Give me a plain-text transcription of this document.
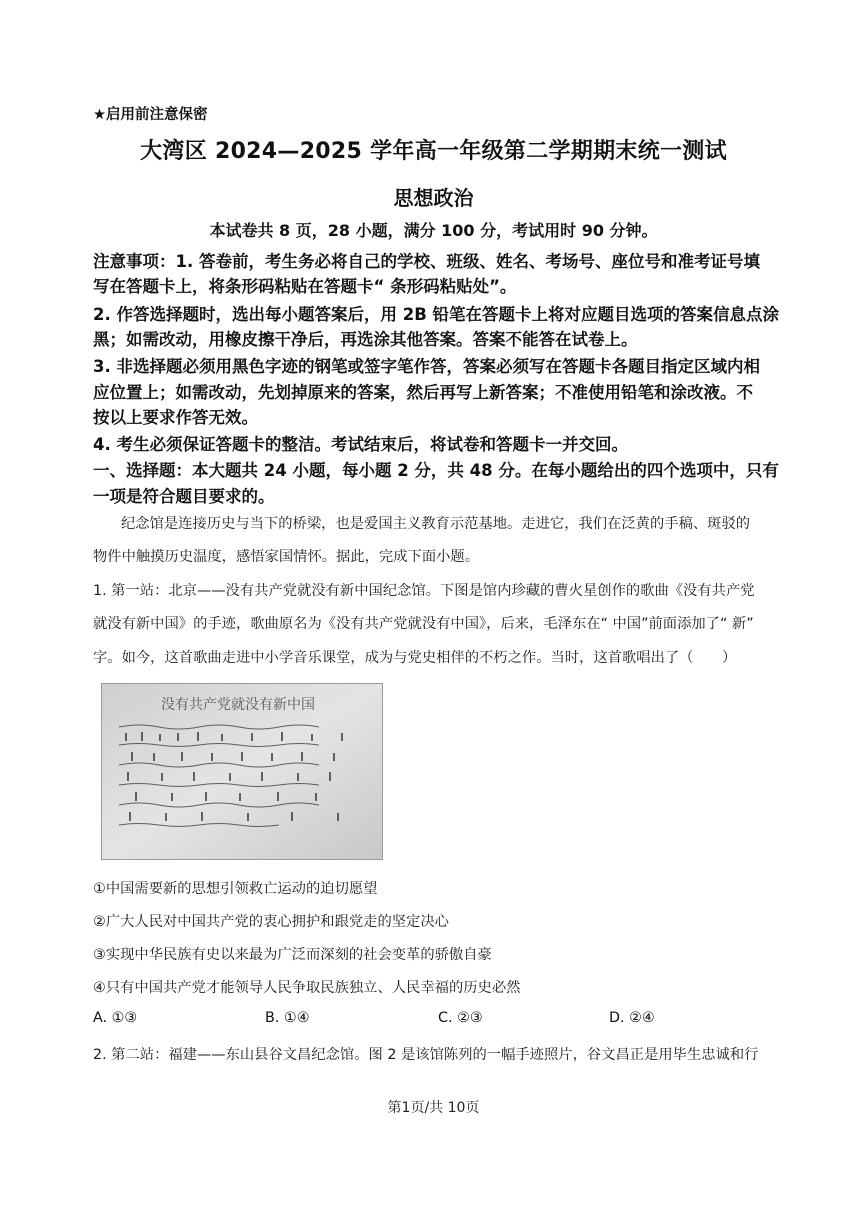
★启用前注意保密
大湾区 2024—2025 学年高一年级第二学期期末统一测试
思想政治
本试卷共 8 页，28 小题，满分 100 分，考试用时 90 分钟。
注意事项：1. 答卷前，考生务必将自己的学校、班级、姓名、考场号、座位号和准考证号填
写在答题卡上，将条形码粘贴在答题卡“ 条形码粘贴处”。
2. 作答选择题时，选出每小题答案后，用 2B 铅笔在答题卡上将对应题目选项的答案信息点涂
黑；如需改动，用橡皮擦干净后，再选涂其他答案。答案不能答在试卷上。
3. 非选择题必须用黑色字迹的钢笔或签字笔作答，答案必须写在答题卡各题目指定区域内相
应位置上；如需改动，先划掉原来的答案，然后再写上新答案；不准使用铅笔和涂改液。不
按以上要求作答无效。
4. 考生必须保证答题卡的整洁。考试结束后，将试卷和答题卡一并交回。
一、选择题：本大题共 24 小题，每小题 2 分，共 48 分。在每小题给出的四个选项中，只有
一项是符合题目要求的。
纪念馆是连接历史与当下的桥梁，也是爱国主义教育示范基地。走进它，我们在泛黄的手稿、斑驳的
物件中触摸历史温度，感悟家国情怀。据此，完成下面小题。
1. 第一站：北京——没有共产党就没有新中国纪念馆。下图是馆内珍藏的曹火星创作的歌曲《没有共产党
就没有新中国》的手迹，歌曲原名为《没有共产党就没有中国》，后来，毛泽东在“ 中国”前面添加了“ 新”
字。如今，这首歌曲走进中小学音乐课堂，成为与党史相伴的不朽之作。当时，这首歌唱出了（　　）
没有共产党就没有新中国
①中国需要新的思想引领救亡运动的迫切愿望
②广大人民对中国共产党的衷心拥护和跟党走的坚定决心
③实现中华民族有史以来最为广泛而深刻的社会变革的骄傲自豪
④只有中国共产党才能领导人民争取民族独立、人民幸福的历史必然
A. ①③	B. ①④	C. ②③	D. ②④
2. 第二站：福建——东山县谷文昌纪念馆。图 2 是该馆陈列的一幅手迹照片，谷文昌正是用毕生忠诚和行
第1页/共 10页
